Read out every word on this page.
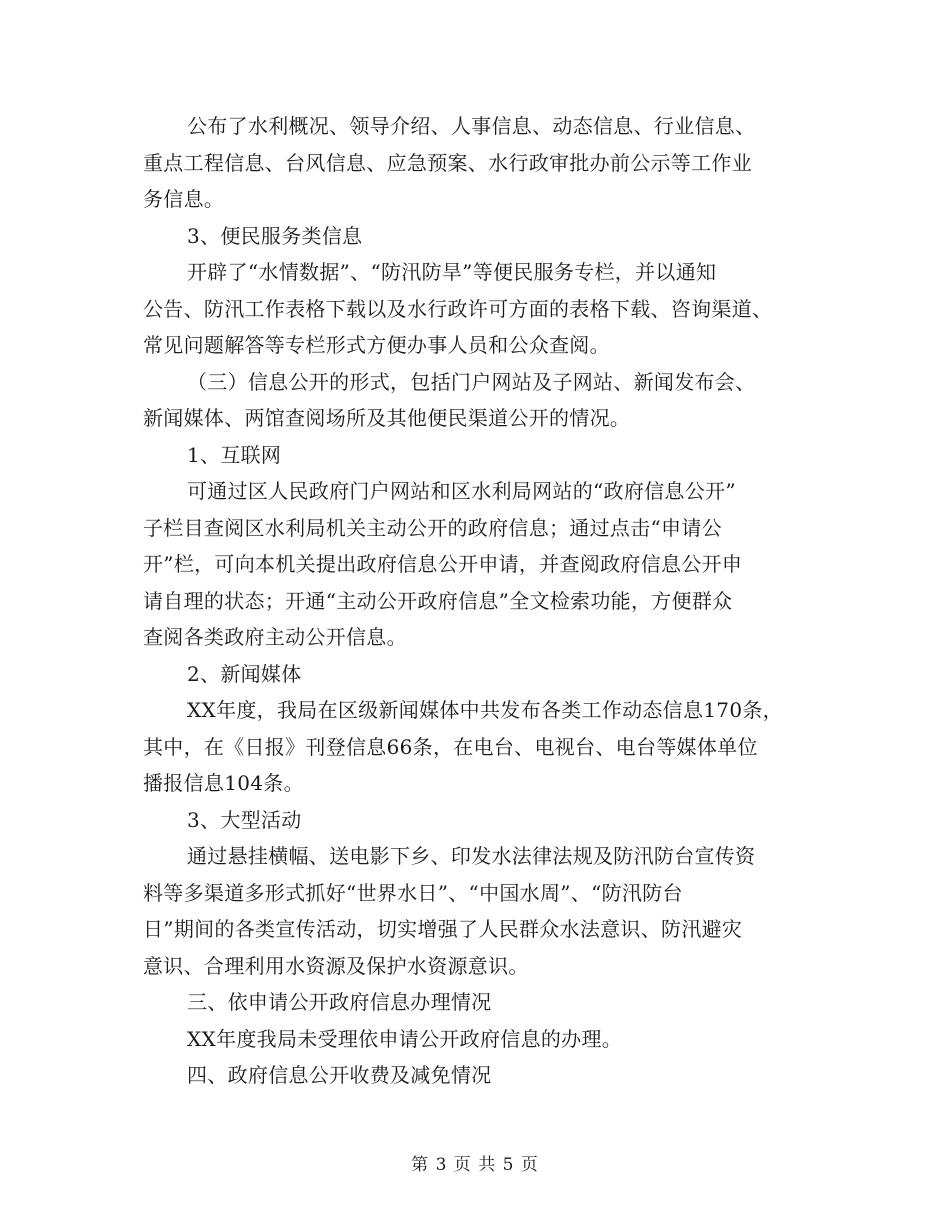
公布了水利概况、领导介绍、人事信息、动态信息、行业信息、
重点工程信息、台风信息、应急预案、水行政审批办前公示等工作业
务信息。
3、便民服务类信息
开辟了“水情数据”、“防汛防旱”等便民服务专栏，并以通知
公告、防汛工作表格下载以及水行政许可方面的表格下载、咨询渠道、
常见问题解答等专栏形式方便办事人员和公众查阅。
（三）信息公开的形式，包括门户网站及子网站、新闻发布会、
新闻媒体、两馆查阅场所及其他便民渠道公开的情况。
1、互联网
可通过区人民政府门户网站和区水利局网站的“政府信息公开”
子栏目查阅区水利局机关主动公开的政府信息；通过点击“申请公
开”栏，可向本机关提出政府信息公开申请，并查阅政府信息公开申
请自理的状态；开通“主动公开政府信息”全文检索功能，方便群众
查阅各类政府主动公开信息。
2、新闻媒体
XX年度，我局在区级新闻媒体中共发布各类工作动态信息170条，
其中，在《日报》刊登信息66条，在电台、电视台、电台等媒体单位
播报信息104条。
3、大型活动
通过悬挂横幅、送电影下乡、印发水法律法规及防汛防台宣传资
料等多渠道多形式抓好“世界水日”、“中国水周”、“防汛防台
日”期间的各类宣传活动，切实增强了人民群众水法意识、防汛避灾
意识、合理利用水资源及保护水资源意识。
三、依申请公开政府信息办理情况
XX年度我局未受理依申请公开政府信息的办理。
四、政府信息公开收费及减免情况
第 3 页 共 5 页
